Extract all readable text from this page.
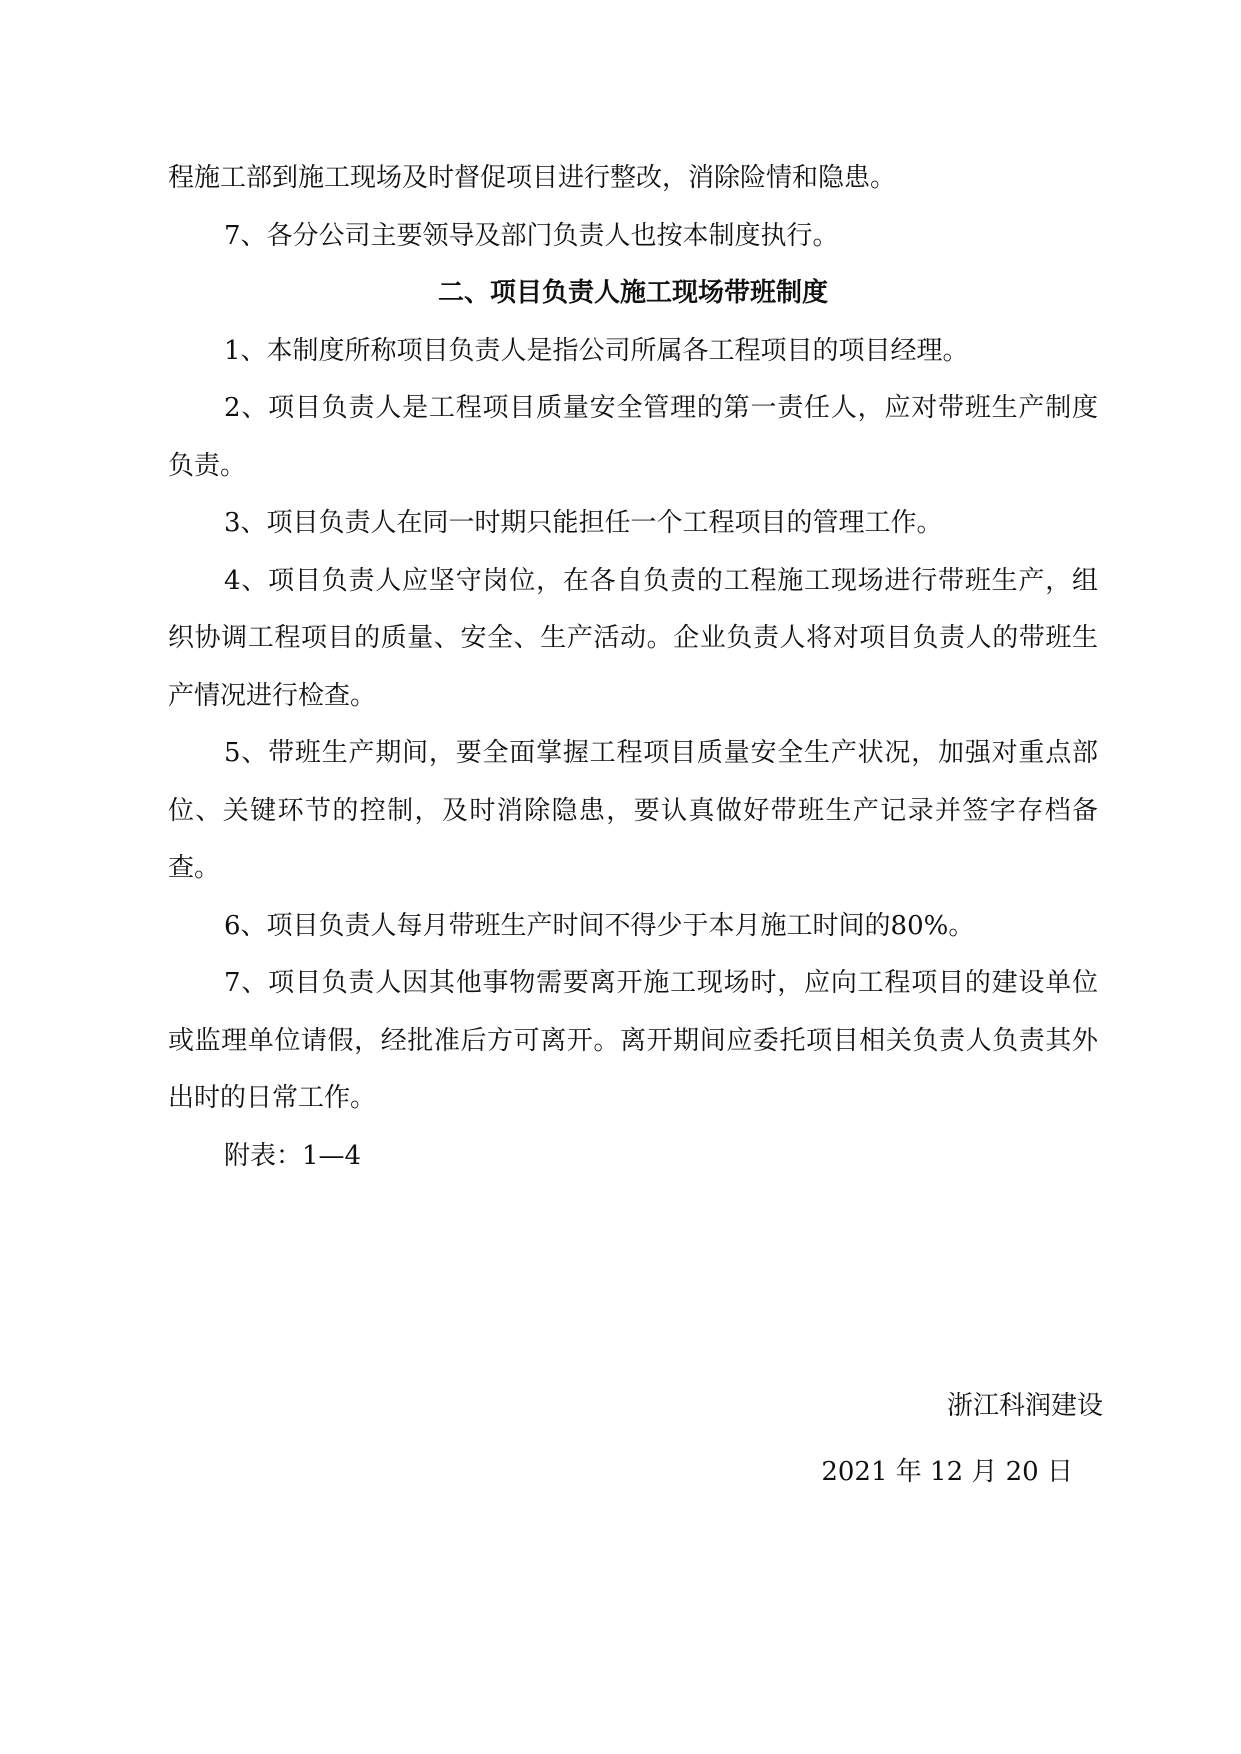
程施工部到施工现场及时督促项目进行整改，消除险情和隐患。

7、各分公司主要领导及部门负责人也按本制度执行。

二、项目负责人施工现场带班制度

1、本制度所称项目负责人是指公司所属各工程项目的项目经理。

2、项目负责人是工程项目质量安全管理的第一责任人，应对带班生产制度负责。

3、项目负责人在同一时期只能担任一个工程项目的管理工作。

4、项目负责人应坚守岗位，在各自负责的工程施工现场进行带班生产，组织协调工程项目的质量、安全、生产活动。企业负责人将对项目负责人的带班生产情况进行检查。

5、带班生产期间，要全面掌握工程项目质量安全生产状况，加强对重点部位、关键环节的控制，及时消除隐患，要认真做好带班生产记录并签字存档备查。

6、项目负责人每月带班生产时间不得少于本月施工时间的80%。

7、项目负责人因其他事物需要离开施工现场时，应向工程项目的建设单位或监理单位请假，经批准后方可离开。离开期间应委托项目相关负责人负责其外出时的日常工作。

附表：1—4

浙江科润建设
2021 年 12 月 20 日
